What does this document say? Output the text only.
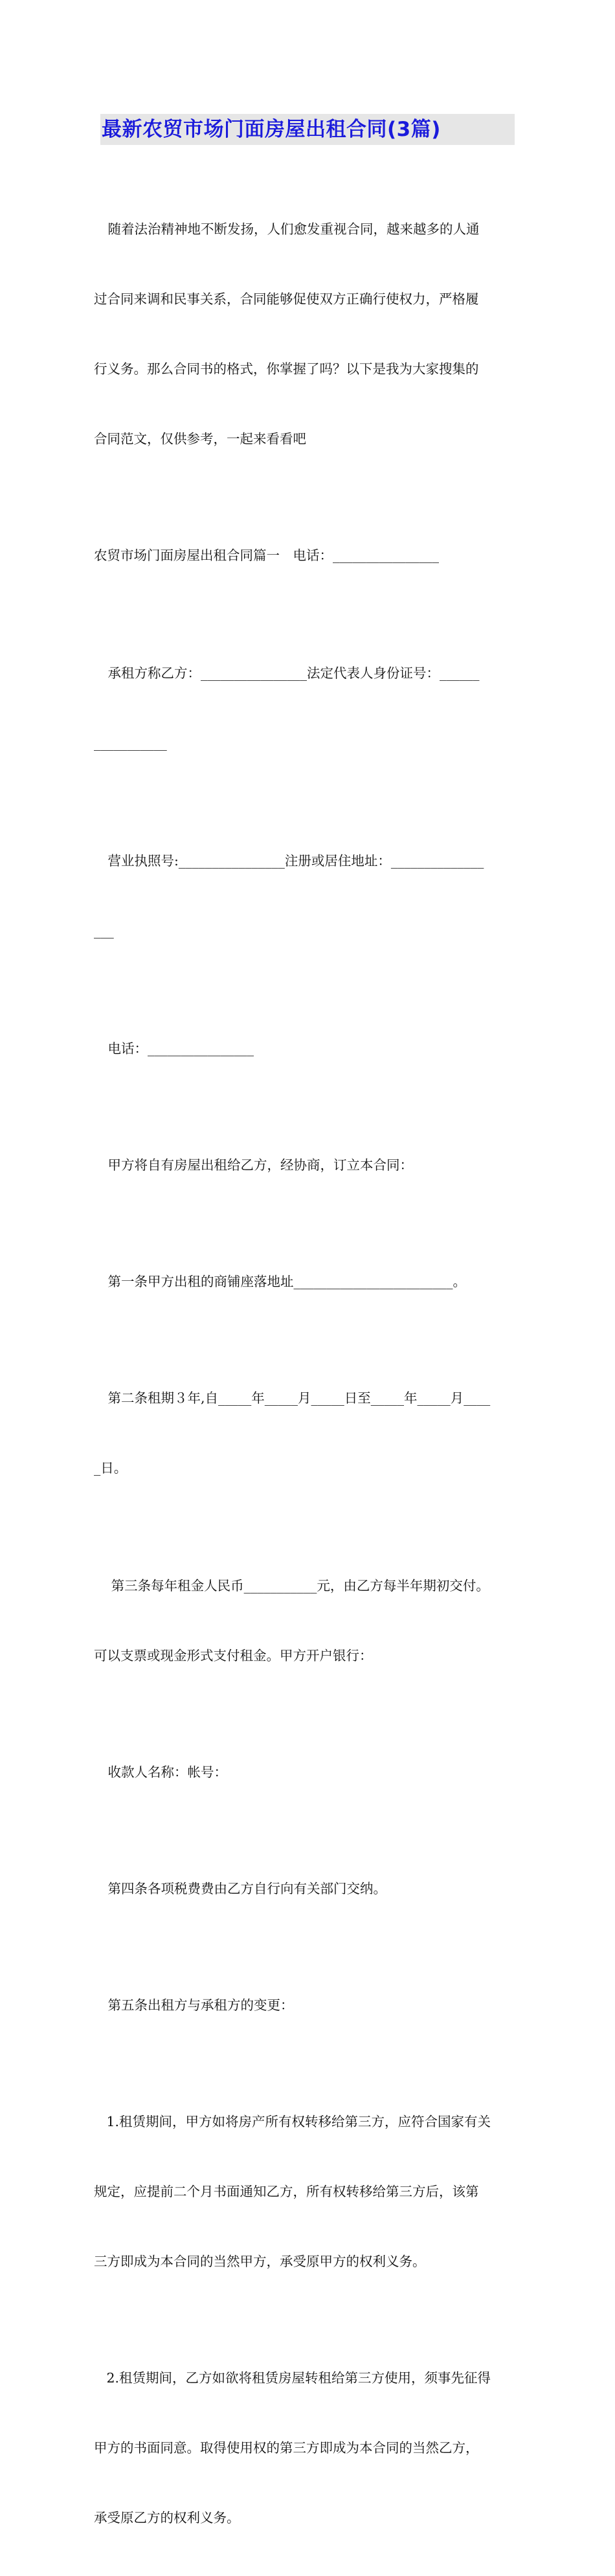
最新农贸市场门面房屋出租合同(3篇)

随着法治精神地不断发扬，人们愈发重视合同，越来越多的人通

过合同来调和民事关系，合同能够促使双方正确行使权力，严格履

行义务。那么合同书的格式，你掌握了吗？以下是我为大家搜集的

合同范文，仅供参考，一起来看看吧

农贸市场门面房屋出租合同篇一　电话：________________

承租方称乙方：________________法定代表人身份证号：______

___________

营业执照号:________________注册或居住地址：______________

___

电话：________________

甲方将自有房屋出租给乙方，经协商，订立本合同：

第一条甲方出租的商铺座落地址________________________。

第二条租期３年,自_____年_____月_____日至_____年_____月____

_日。

第三条每年租金人民币___________元，由乙方每半年期初交付。

可以支票或现金形式支付租金。甲方开户银行：

收款人名称：帐号：

第四条各项税费费由乙方自行向有关部门交纳。

第五条出租方与承租方的变更：

1.租赁期间，甲方如将房产所有权转移给第三方，应符合国家有关

规定，应提前二个月书面通知乙方，所有权转移给第三方后，该第

三方即成为本合同的当然甲方，承受原甲方的权利义务。

2.租赁期间，乙方如欲将租赁房屋转租给第三方使用，须事先征得

甲方的书面同意。取得使用权的第三方即成为本合同的当然乙方，

承受原乙方的权利义务。
